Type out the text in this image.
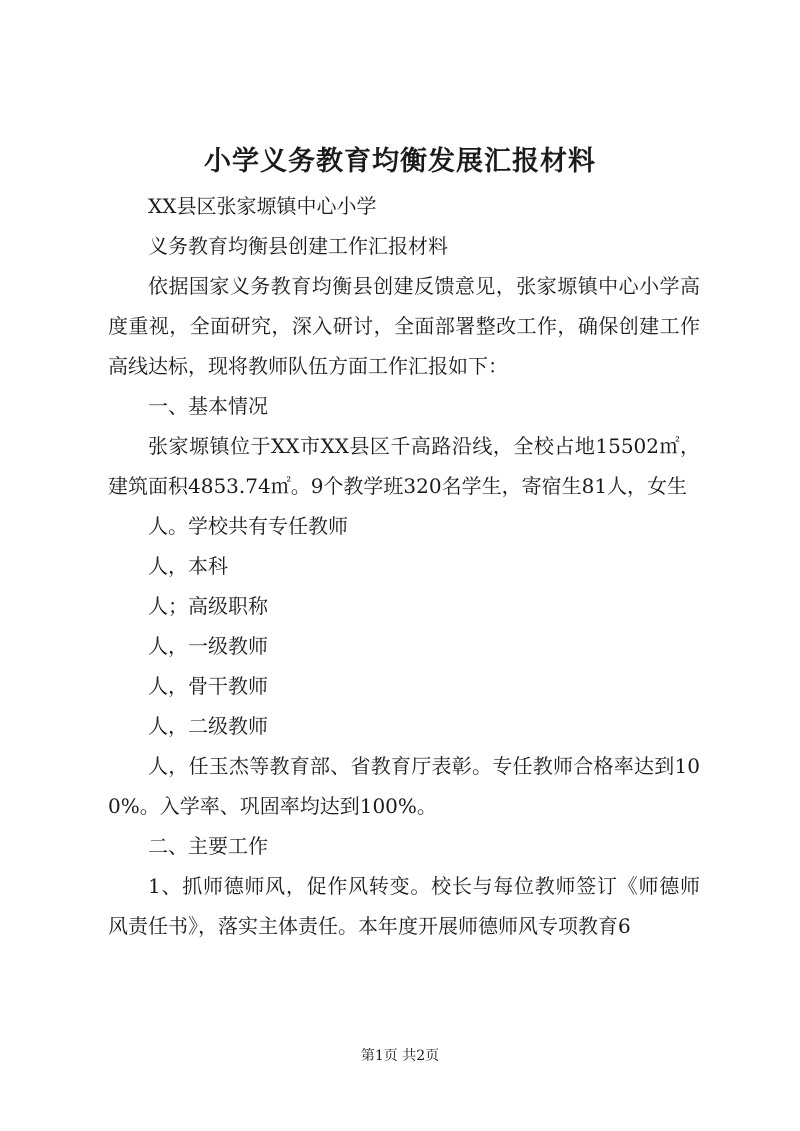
小学义务教育均衡发展汇报材料

XX县区张家塬镇中心小学

义务教育均衡县创建工作汇报材料

依据国家义务教育均衡县创建反馈意见，张家塬镇中心小学高度重视，全面研究，深入研讨，全面部署整改工作，确保创建工作高线达标，现将教师队伍方面工作汇报如下：

一、基本情况

张家塬镇位于XX市XX县区千高路沿线，全校占地15502㎡，建筑面积4853.74㎡。9个教学班320名学生，寄宿生81人，女生

人。学校共有专任教师

人，本科

人；高级职称

人，一级教师

人，骨干教师

人，二级教师

人，任玉杰等教育部、省教育厅表彰。专任教师合格率达到100%。入学率、巩固率均达到100%。

二、主要工作

1、抓师德师风，促作风转变。校长与每位教师签订《师德师风责任书》，落实主体责任。本年度开展师德师风专项教育6

第1页 共2页
